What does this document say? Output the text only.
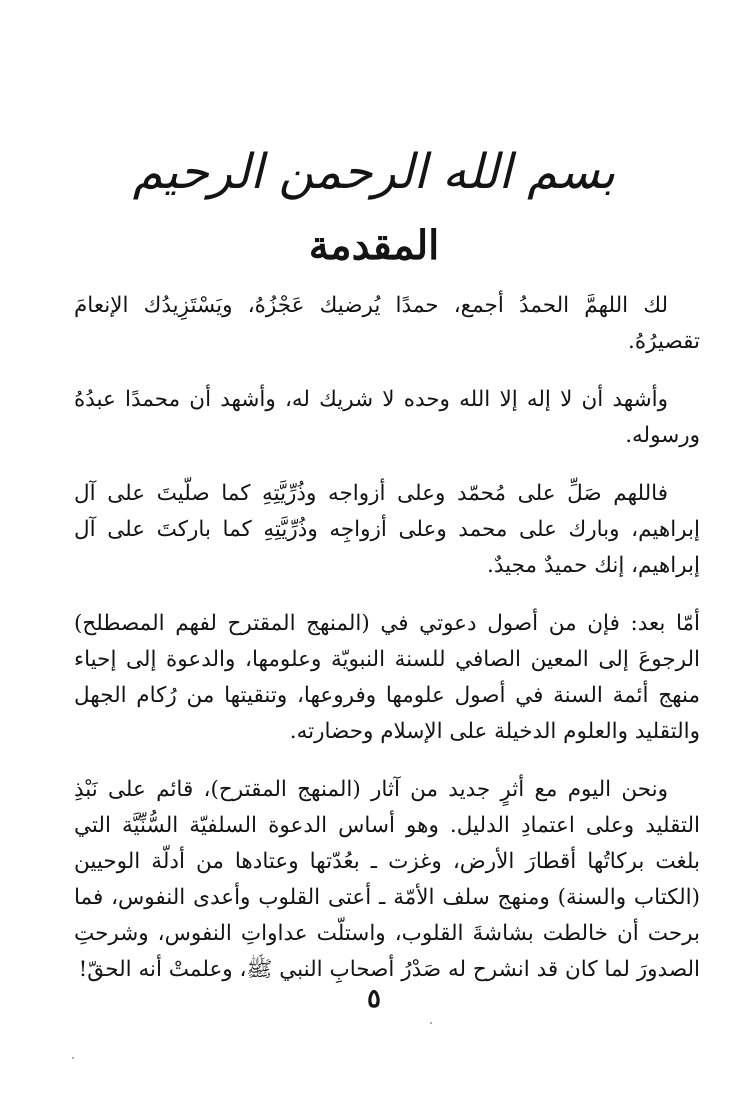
بسم الله الرحمن الرحيم
المقدمة

لك اللهمَّ الحمدُ أجمع، حمدًا يُرضيك عَجْزُهُ، ويَسْتَزِيدُك الإنعامَ تقصيرُهُ.

وأشهد أن لا إله إلا الله وحده لا شريك له، وأشهد أن محمدًا عبدُهُ ورسوله.

فاللهم صَلِّ على مُحمّد وعلى أزواجه وذُرِّيَّتِهِ كما صلّيتَ على آل إبراهيم، وبارك على محمد وعلى أزواجِه وذُرِّيَّتِهِ كما باركتَ على آل إبراهيم، إنك حميدٌ مجيدٌ.

أمّا بعد: فإن من أصول دعوتي في (المنهج المقترح لفهم المصطلح) الرجوعَ إلى المعين الصافي للسنة النبويّة وعلومها، والدعوة إلى إحياء منهج أئمة السنة في أصول علومها وفروعها، وتنقيتها من رُكام الجهل والتقليد والعلوم الدخيلة على الإسلام وحضارته.

ونحن اليوم مع أثرٍ جديد من آثار (المنهج المقترح)، قائم على نَبْذِ التقليد وعلى اعتمادِ الدليل. وهو أساس الدعوة السلفيّة السُّنِّيَّة التي بلغت بركاتُها أقطارَ الأرض، وغزت ـ بعُدّتها وعتادها من أدلّة الوحيين (الكتاب والسنة) ومنهج سلف الأمّة ـ أعتى القلوب وأعدى النفوس، فما برحت أن خالطت بشاشةَ القلوب، واستلّت عداواتِ النفوس، وشرحتِ الصدورَ لما كان قد انشرح له صَدْرُ أصحابِ النبي ﷺ، وعلمتْ أنه الحقّ!

٥
